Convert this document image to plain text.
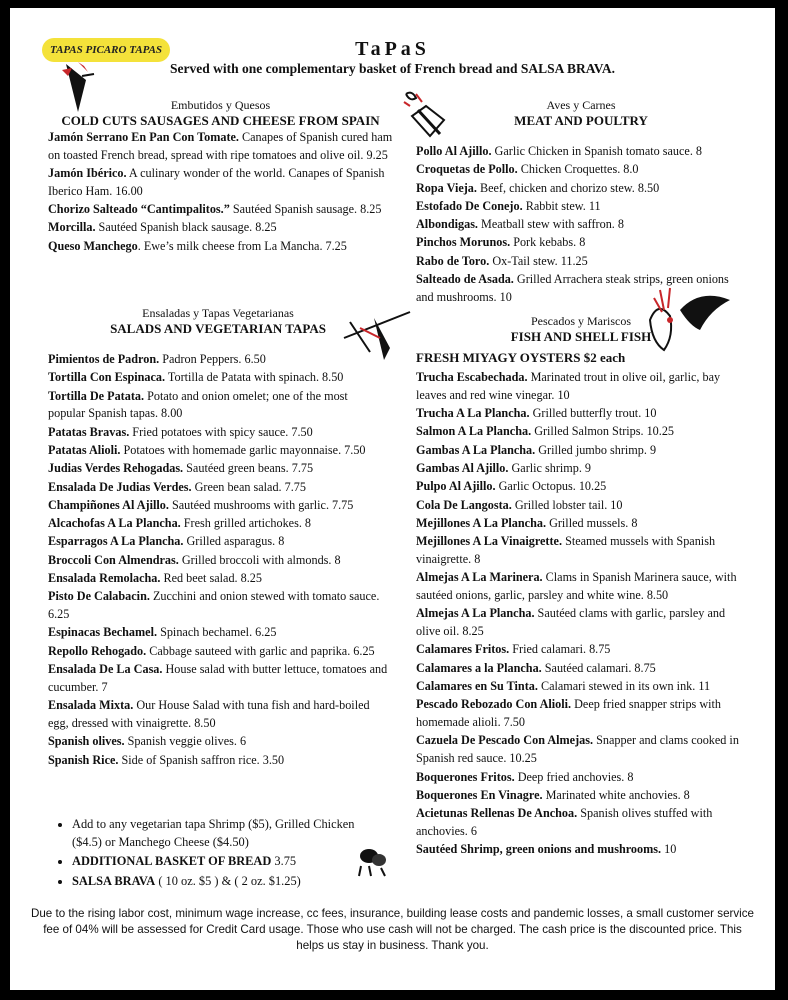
TAPAS PICARO TAPAS	TaPaS
Served with one complementary basket of French bread and SALSA BRAVA.
Embutidos y Quesos
COLD CUTS SAUSAGES AND CHEESE FROM SPAIN

Jamón Serrano En Pan Con Tomate. Canapes of Spanish cured ham on toasted French bread, spread with ripe tomatoes and olive oil. 9.25

Jamón Ibérico. A culinary wonder of the world. Canapes of Spanish Iberico Ham. 16.00

Chorizo Salteado “Cantimpalitos.” Sautéed Spanish sausage. 8.25

Morcilla. Sautéed Spanish black sausage. 8.25

Queso Manchego. Ewe’s milk cheese from La Mancha. 7.25

Ensaladas y Tapas Vegetarianas
SALADS AND VEGETARIAN TAPAS

Pimientos de Padron. Padron Peppers. 6.50

Tortilla Con Espinaca. Tortilla de Patata with spinach. 8.50

Tortilla De Patata. Potato and onion omelet; one of the most popular Spanish tapas. 8.00

Patatas Bravas. Fried potatoes with spicy sauce. 7.50

Patatas Alioli. Potatoes with homemade garlic mayonnaise. 7.50

Judias Verdes Rehogadas. Sautéed green beans. 7.75

Ensalada De Judias Verdes. Green bean salad. 7.75

Champiñones Al Ajillo. Sautéed mushrooms with garlic. 7.75

Alcachofas A La Plancha. Fresh grilled artichokes. 8

Esparragos A La Plancha. Grilled asparagus. 8

Broccoli Con Almendras. Grilled broccoli with almonds. 8

Ensalada Remolacha. Red beet salad. 8.25

Pisto De Calabacin. Zucchini and onion stewed with tomato sauce. 6.25

Espinacas Bechamel. Spinach bechamel. 6.25

Repollo Rehogado. Cabbage sauteed with garlic and paprika. 6.25

Ensalada De La Casa. House salad with butter lettuce, tomatoes and cucumber. 7

Ensalada Mixta. Our House Salad with tuna fish and hard-boiled egg, dressed with vinaigrette. 8.50

Spanish olives. Spanish veggie olives. 6

Spanish Rice. Side of Spanish saffron rice. 3.50

• Add to any vegetarian tapa Shrimp ($5), Grilled Chicken ($4.5) or Manchego Cheese ($4.50)
• ADDITIONAL BASKET OF BREAD 3.75
• SALSA BRAVA ( 10 oz. $5 ) & ( 2 oz. $1.25)
Aves y Carnes
MEAT AND POULTRY

Pollo Al Ajillo. Garlic Chicken in Spanish tomato sauce. 8

Croquetas de Pollo. Chicken Croquettes. 8.0

Ropa Vieja. Beef, chicken and chorizo stew. 8.50

Estofado De Conejo. Rabbit stew. 11

Albondigas. Meatball stew with saffron. 8

Pinchos Morunos. Pork kebabs. 8

Rabo de Toro. Ox-Tail stew. 11.25

Salteado de Asada. Grilled Arrachera steak strips, green onions and mushrooms. 10

Pescados y Mariscos
FISH AND SHELL FISH
FRESH MIYAGY OYSTERS $2 each

Trucha Escabechada. Marinated trout in olive oil, garlic, bay leaves and red wine vinegar. 10

Trucha A La Plancha. Grilled butterfly trout. 10

Salmon A La Plancha. Grilled Salmon Strips. 10.25

Gambas A La Plancha. Grilled jumbo shrimp. 9

Gambas Al Ajillo. Garlic shrimp. 9

Pulpo Al Ajillo. Garlic Octopus. 10.25

Cola De Langosta. Grilled lobster tail. 10

Mejillones A La Plancha. Grilled mussels. 8

Mejillones A La Vinaigrette. Steamed mussels with Spanish vinaigrette. 8

Almejas A La Marinera. Clams in Spanish Marinera sauce, with sautéed onions, garlic, parsley and white wine. 8.50

Almejas A La Plancha. Sautéed clams with garlic, parsley and olive oil. 8.25

Calamares Fritos. Fried calamari. 8.75

Calamares a la Plancha. Sautéed calamari. 8.75

Calamares en Su Tinta. Calamari stewed in its own ink. 11

Pescado Rebozado Con Alioli. Deep fried snapper strips with homemade alioli. 7.50

Cazuela De Pescado Con Almejas. Snapper and clams cooked in Spanish red sauce. 10.25

Boquerones Fritos. Deep fried anchovies. 8

Boquerones En Vinagre. Marinated white anchovies. 8

Acietunas Rellenas De Anchoa. Spanish olives stuffed with anchovies. 6

Sautéed Shrimp, green onions and mushrooms. 10

Due to the rising labor cost, minimum wage increase, cc fees, insurance, building lease costs and pandemic losses, a small customer service fee of 04% will be assessed for Credit Card usage. Those who use cash will not be charged. The cash price is the discounted price. This helps us stay in business. Thank you.
